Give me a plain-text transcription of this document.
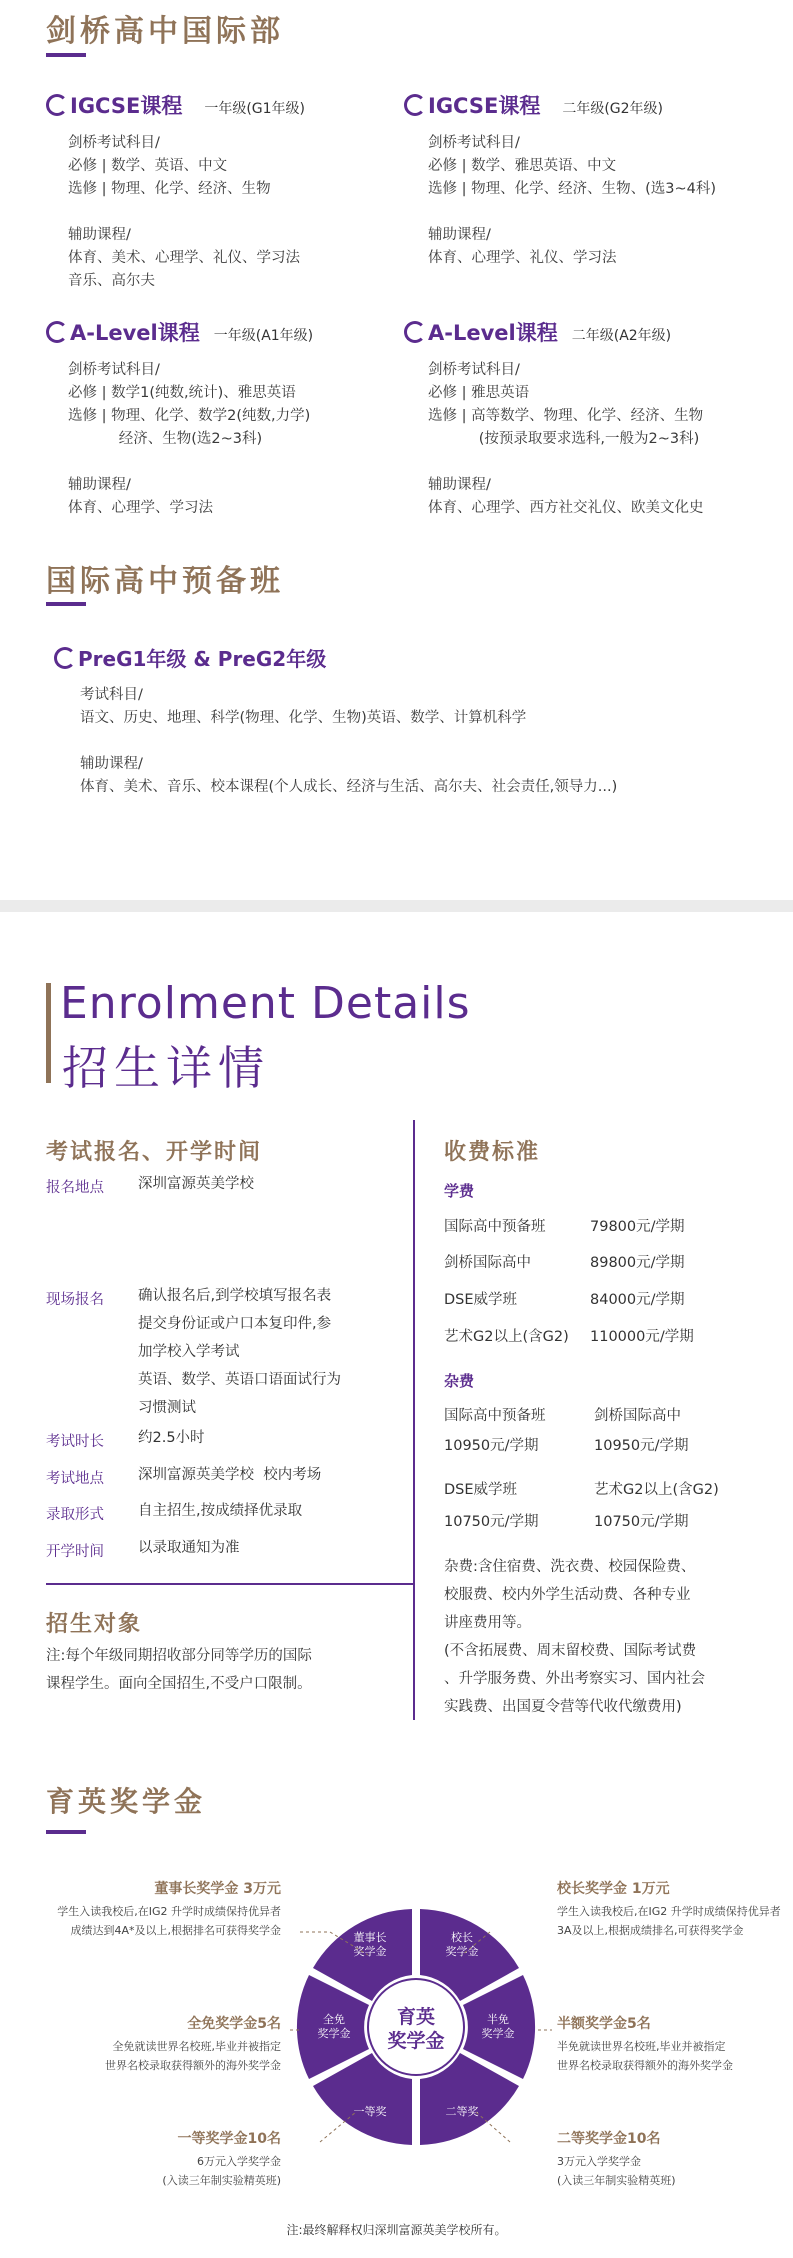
剑桥高中国际部
IGCSE课程 一年级(G1年级)
剑桥考试科目/
必修 | 数学、英语、中文
选修 | 物理、化学、经济、生物
辅助课程/
体育、美术、心理学、礼仪、学习法
音乐、高尔夫
IGCSE课程 二年级(G2年级)
剑桥考试科目/
必修 | 数学、雅思英语、中文
选修 | 物理、化学、经济、生物、(选3~4科)
辅助课程/
体育、心理学、礼仪、学习法
A-Level课程 一年级(A1年级)
剑桥考试科目/
必修 | 数学1(纯数,统计)、雅思英语
选修 | 物理、化学、数学2(纯数,力学)
经济、生物(选2~3科)
辅助课程/
体育、心理学、学习法
A-Level课程 二年级(A2年级)
剑桥考试科目/
必修 | 雅思英语
选修 | 高等数学、物理、化学、经济、生物
(按预录取要求选科,一般为2~3科)
辅助课程/
体育、心理学、西方社交礼仪、欧美文化史
国际高中预备班
PreG1年级 & PreG2年级
考试科目/
语文、历史、地理、科学(物理、化学、生物)英语、数学、计算机科学
辅助课程/
体育、美术、音乐、校本课程(个人成长、经济与生活、高尔夫、社会责任,领导力...)
Enrolment Details
招生详情
考试报名、开学时间
报名地点 深圳富源英美学校
现场报名 确认报名后,到学校填写报名表
提交身份证或户口本复印件,参
加学校入学考试
英语、数学、英语口语面试行为
习惯测试
考试时长 约2.5小时
考试地点 深圳富源英美学校  校内考场
录取形式 自主招生,按成绩择优录取
开学时间 以录取通知为准
招生对象
注:每个年级同期招收部分同等学历的国际
课程学生。面向全国招生,不受户口限制。
收费标准
学费
国际高中预备班	79800元/学期
剑桥国际高中	89800元/学期
DSE威学班	84000元/学期
艺术G2以上(含G2) 110000元/学期
杂费
国际高中预备班	剑桥国际高中
10950元/学期	10950元/学期
DSE威学班	艺术G2以上(含G2)
10750元/学期	10750元/学期
杂费:含住宿费、洗衣费、校园保险费、
校服费、校内外学生活动费、各种专业
讲座费用等。
(不含拓展费、周末留校费、国际考试费
、升学服务费、外出考察实习、国内社会
实践费、出国夏令营等代收代缴费用)
育英奖学金
育英
奖学金
董事长奖学金
校长奖学金
半免奖学金
全免奖学金
一等奖	二等奖
董事长奖学金 3万元
学生入读我校后,在IG2 升学时成绩保持优异者
成绩达到4A*及以上,根据排名可获得奖学金
校长奖学金 1万元
学生入读我校后,在IG2 升学时成绩保持优异者
3A及以上,根据成绩排名,可获得奖学金
全免奖学金5名
全免就读世界名校班,毕业并被指定
世界名校录取获得额外的海外奖学金
半额奖学金5名
半免就读世界名校班,毕业并被指定
世界名校录取获得额外的海外奖学金
一等奖学金10名
6万元入学奖学金
(入读三年制实验精英班)
二等奖学金10名
3万元入学奖学金
(入读三年制实验精英班)
注:最终解释权归深圳富源英美学校所有。
